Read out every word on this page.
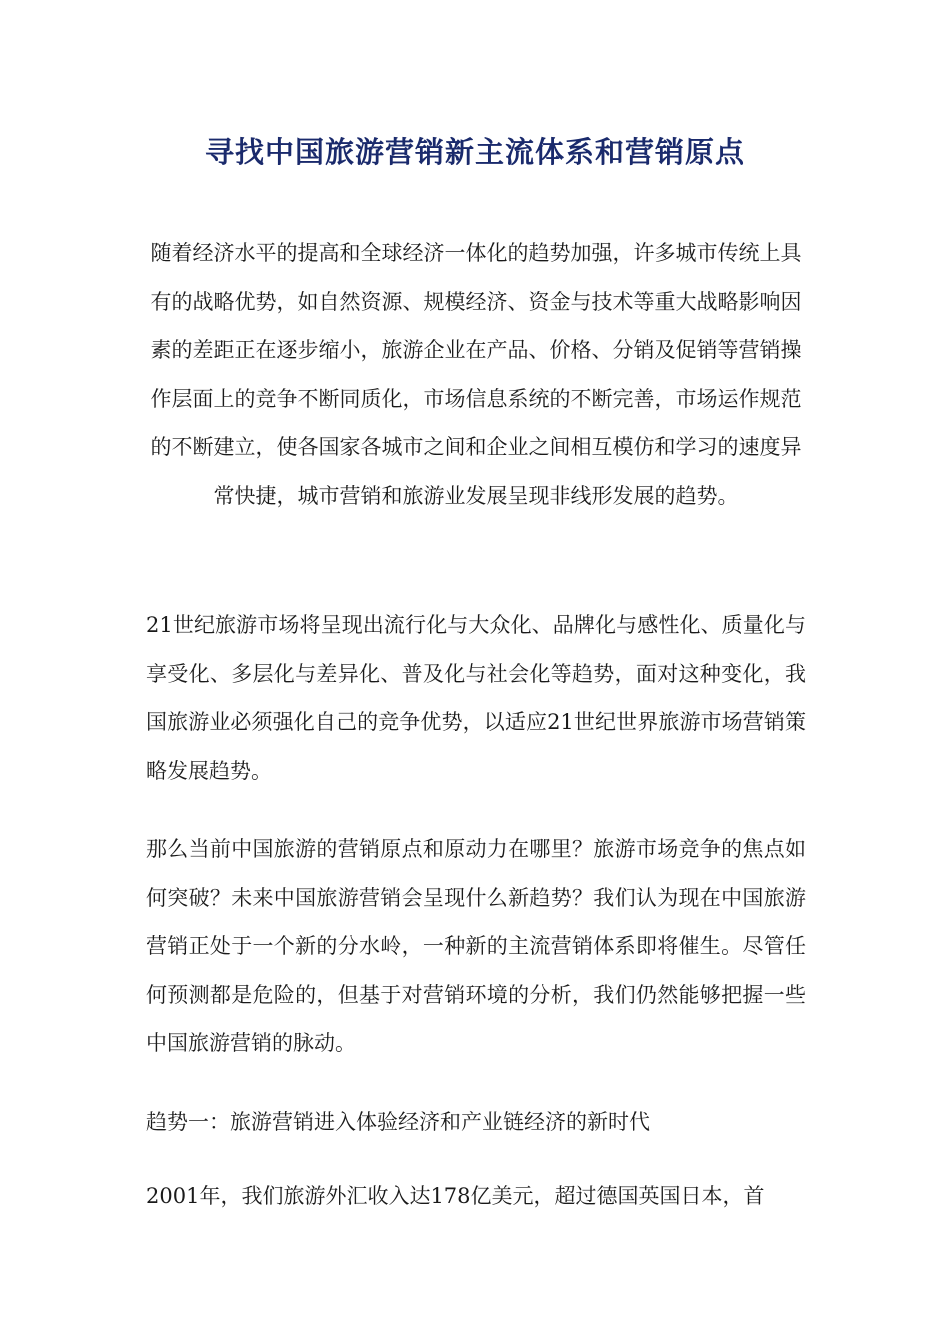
寻找中国旅游营销新主流体系和营销原点

随着经济水平的提高和全球经济一体化的趋势加强，许多城市传统上具有的战略优势，如自然资源、规模经济、资金与技术等重大战略影响因素的差距正在逐步缩小，旅游企业在产品、价格、分销及促销等营销操作层面上的竞争不断同质化，市场信息系统的不断完善，市场运作规范的不断建立，使各国家各城市之间和企业之间相互模仿和学习的速度异常快捷，城市营销和旅游业发展呈现非线形发展的趋势。

21世纪旅游市场将呈现出流行化与大众化、品牌化与感性化、质量化与享受化、多层化与差异化、普及化与社会化等趋势，面对这种变化，我国旅游业必须强化自己的竞争优势，以适应21世纪世界旅游市场营销策略发展趋势。

那么当前中国旅游的营销原点和原动力在哪里？旅游市场竞争的焦点如何突破？未来中国旅游营销会呈现什么新趋势？我们认为现在中国旅游营销正处于一个新的分水岭，一种新的主流营销体系即将催生。尽管任何预测都是危险的，但基于对营销环境的分析，我们仍然能够把握一些中国旅游营销的脉动。

趋势一：旅游营销进入体验经济和产业链经济的新时代

2001年，我们旅游外汇收入达178亿美元，超过德国英国日本，首
